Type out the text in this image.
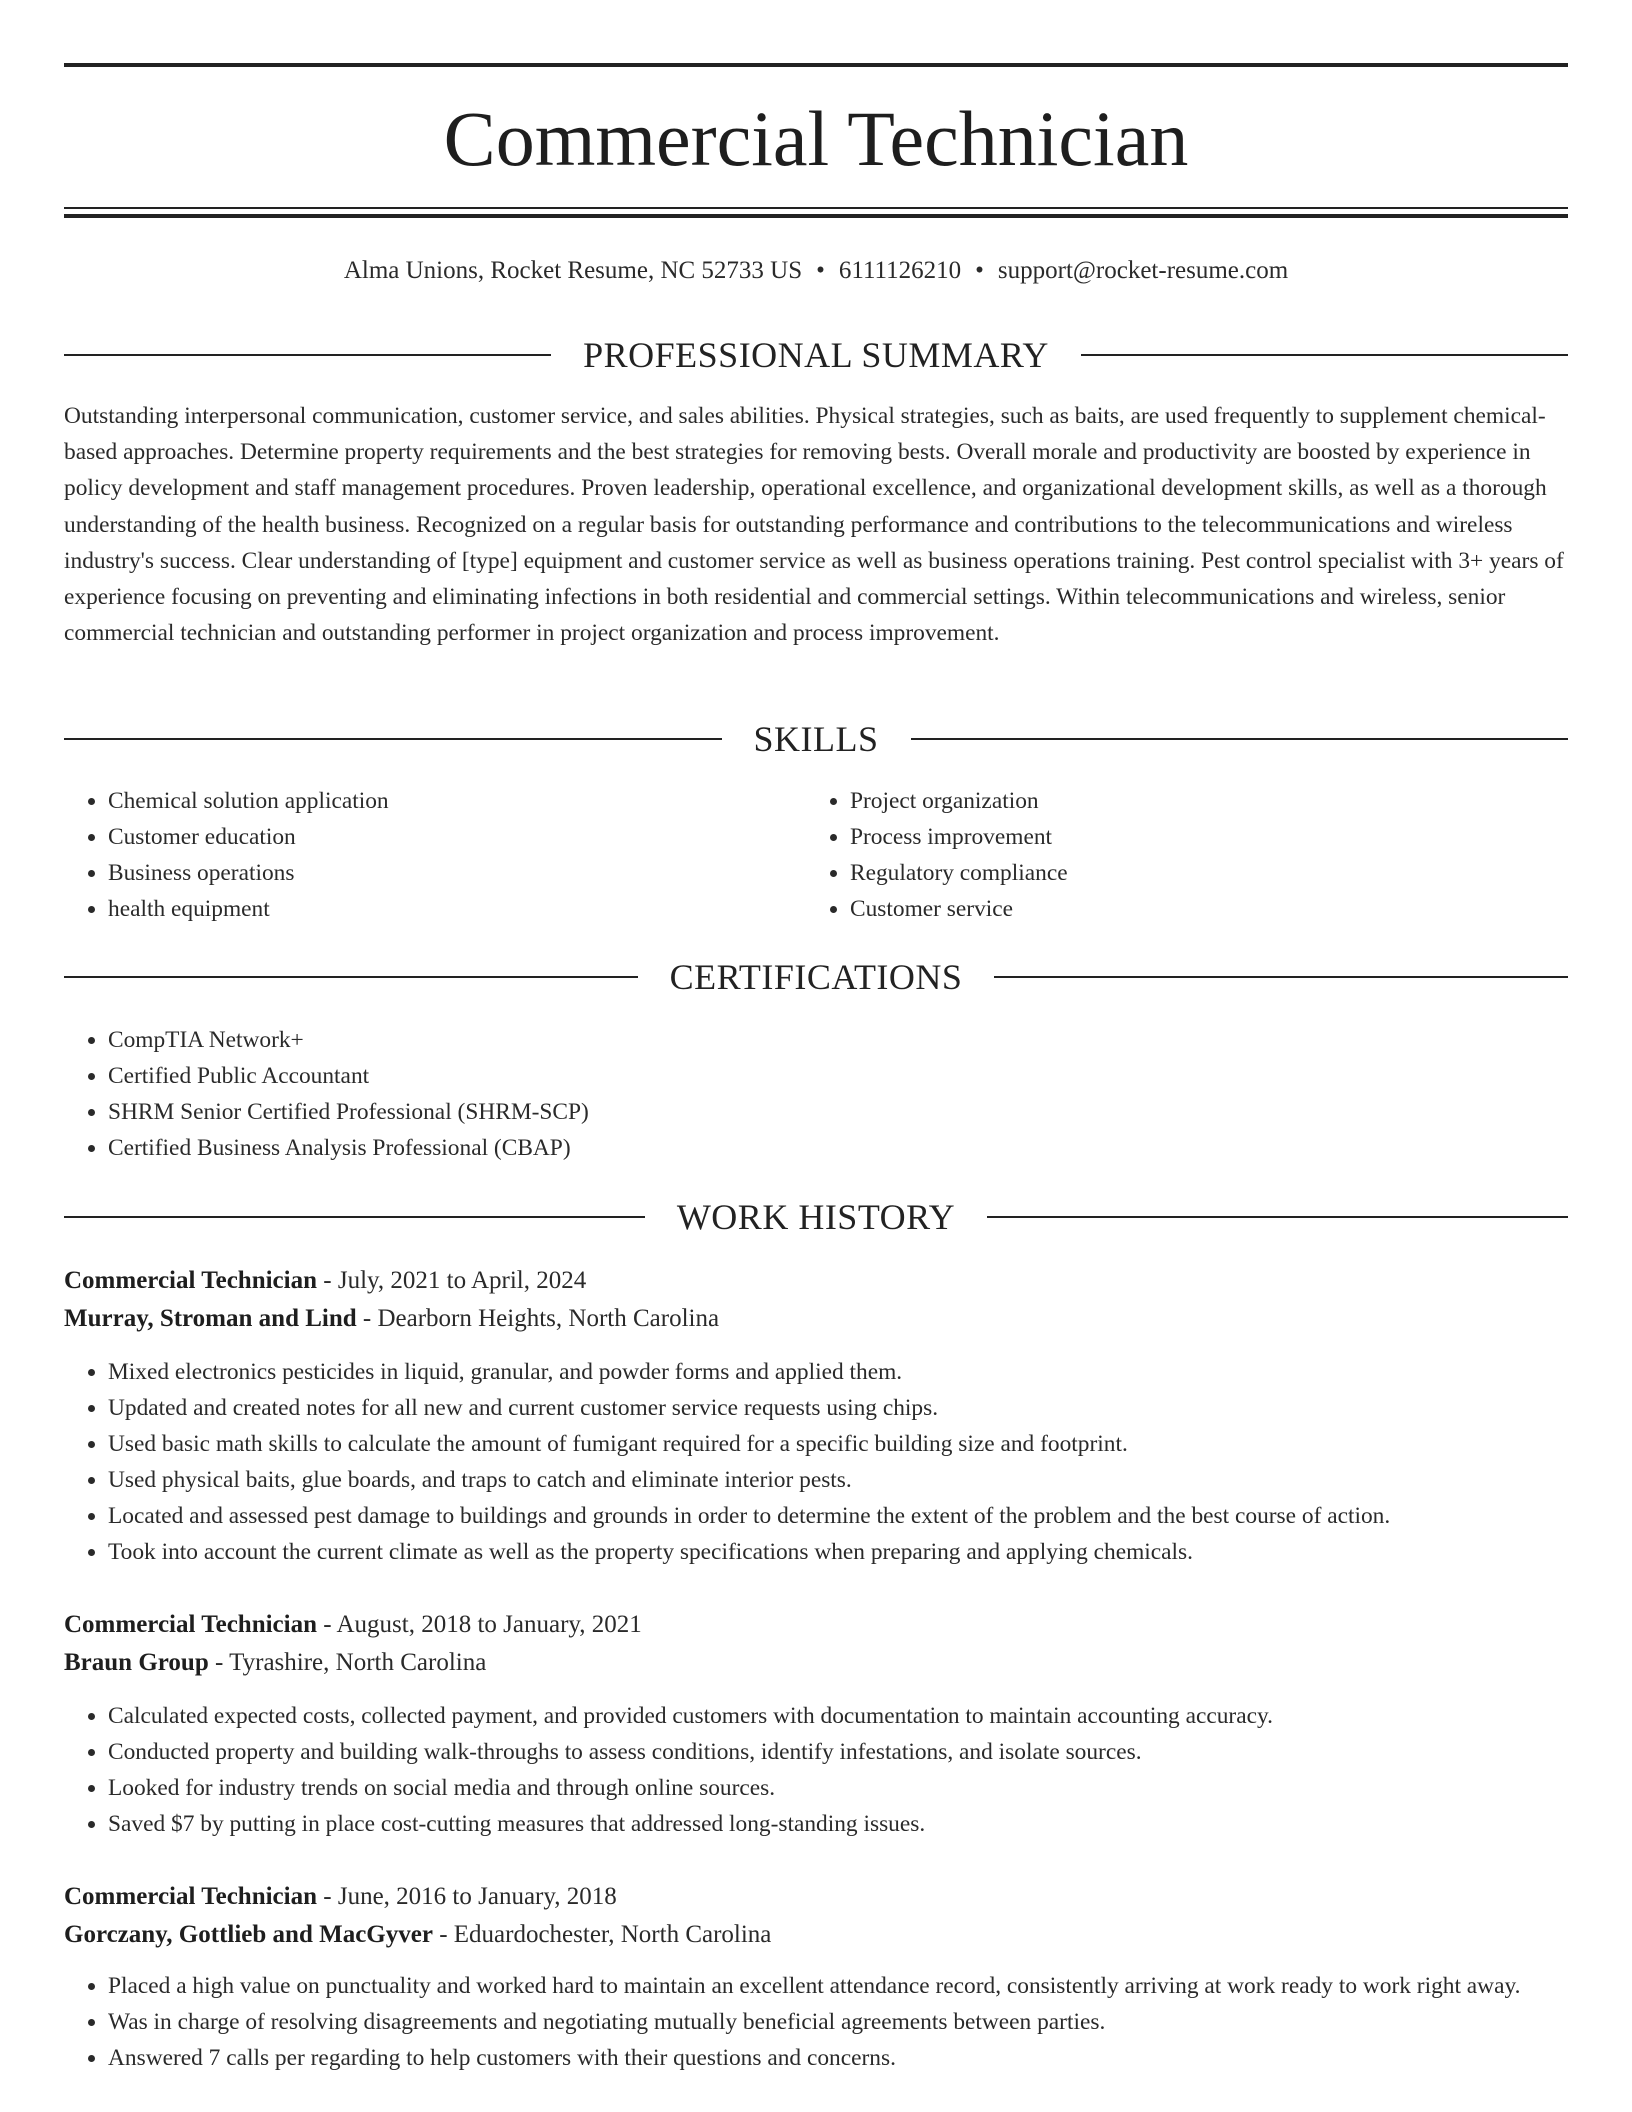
Commercial Technician
Alma Unions, Rocket Resume, NC 52733 US • 6111126210 • support@rocket-resume.com
PROFESSIONAL SUMMARY

Outstanding interpersonal communication, customer service, and sales abilities. Physical strategies, such as baits, are used frequently to supplement chemical-based approaches. Determine property requirements and the best strategies for removing bests. Overall morale and productivity are boosted by experience in policy development and staff management procedures. Proven leadership, operational excellence, and organizational development skills, as well as a thorough understanding of the health business. Recognized on a regular basis for outstanding performance and contributions to the telecommunications and wireless industry's success. Clear understanding of [type] equipment and customer service as well as business operations training. Pest control specialist with 3+ years of experience focusing on preventing and eliminating infections in both residential and commercial settings. Within telecommunications and wireless, senior commercial technician and outstanding performer in project organization and process improvement.

SKILLS
• Chemical solution application
• Customer education
• Business operations
• health equipment
• Project organization
• Process improvement
• Regulatory compliance
• Customer service
CERTIFICATIONS
• CompTIA Network+
• Certified Public Accountant
• SHRM Senior Certified Professional (SHRM-SCP)
• Certified Business Analysis Professional (CBAP)
WORK HISTORY
Commercial Technician - July, 2021 to April, 2024
Murray, Stroman and Lind - Dearborn Heights, North Carolina
• Mixed electronics pesticides in liquid, granular, and powder forms and applied them.
• Updated and created notes for all new and current customer service requests using chips.
• Used basic math skills to calculate the amount of fumigant required for a specific building size and footprint.
• Used physical baits, glue boards, and traps to catch and eliminate interior pests.
• Located and assessed pest damage to buildings and grounds in order to determine the extent of the problem and the best course of action.
• Took into account the current climate as well as the property specifications when preparing and applying chemicals.
Commercial Technician - August, 2018 to January, 2021
Braun Group - Tyrashire, North Carolina
• Calculated expected costs, collected payment, and provided customers with documentation to maintain accounting accuracy.
• Conducted property and building walk-throughs to assess conditions, identify infestations, and isolate sources.
• Looked for industry trends on social media and through online sources.
• Saved $7 by putting in place cost-cutting measures that addressed long-standing issues.
Commercial Technician - June, 2016 to January, 2018
Gorczany, Gottlieb and MacGyver - Eduardochester, North Carolina
• Placed a high value on punctuality and worked hard to maintain an excellent attendance record, consistently arriving at work ready to work right away.
• Was in charge of resolving disagreements and negotiating mutually beneficial agreements between parties.
• Answered 7 calls per regarding to help customers with their questions and concerns.
